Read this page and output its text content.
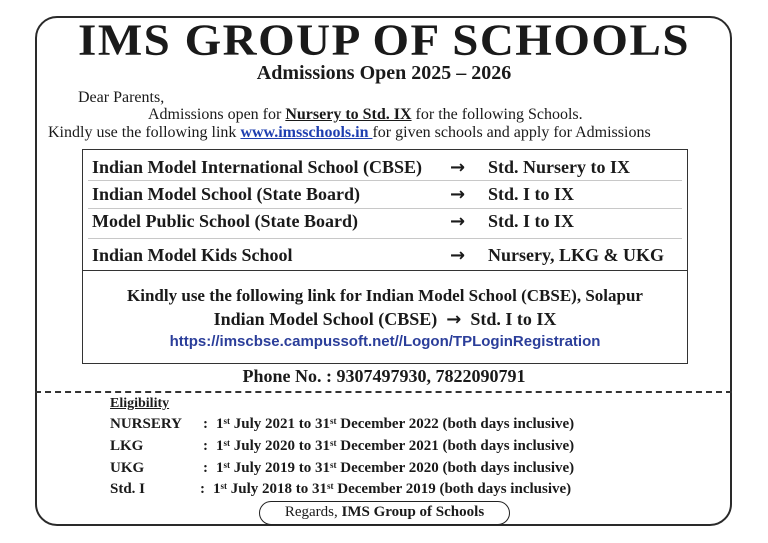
IMS GROUP OF SCHOOLS
Admissions Open 2025 – 2026
Dear Parents,
Admissions open for Nursery to Std. IX for the following Schools.
Kindly use the following link www.imsschools.in for given schools and apply for Admissions
Indian Model International School (CBSE) → Std. Nursery to IX
Indian Model School (State Board)	→ Std. I to IX
Model Public School (State Board)	→ Std. I to IX
Indian Model Kids School	→ Nursery, LKG & UKG
Kindly use the following link for Indian Model School (CBSE), Solapur
Indian Model School (CBSE) → Std. I to IX
https://imscbse.campussoft.net//Logon/TPLoginRegistration
Phone No. : 9307497930, 7822090791
Eligibility
NURSERY : 1st July 2021 to 31st December 2022 (both days inclusive)
LKG	: 1st July 2020 to 31st December 2021 (both days inclusive)
UKG	: 1st July 2019 to 31st December 2020 (both days inclusive)
Std. I	: 1st July 2018 to 31st December 2019 (both days inclusive)
Regards, IMS Group of Schools
